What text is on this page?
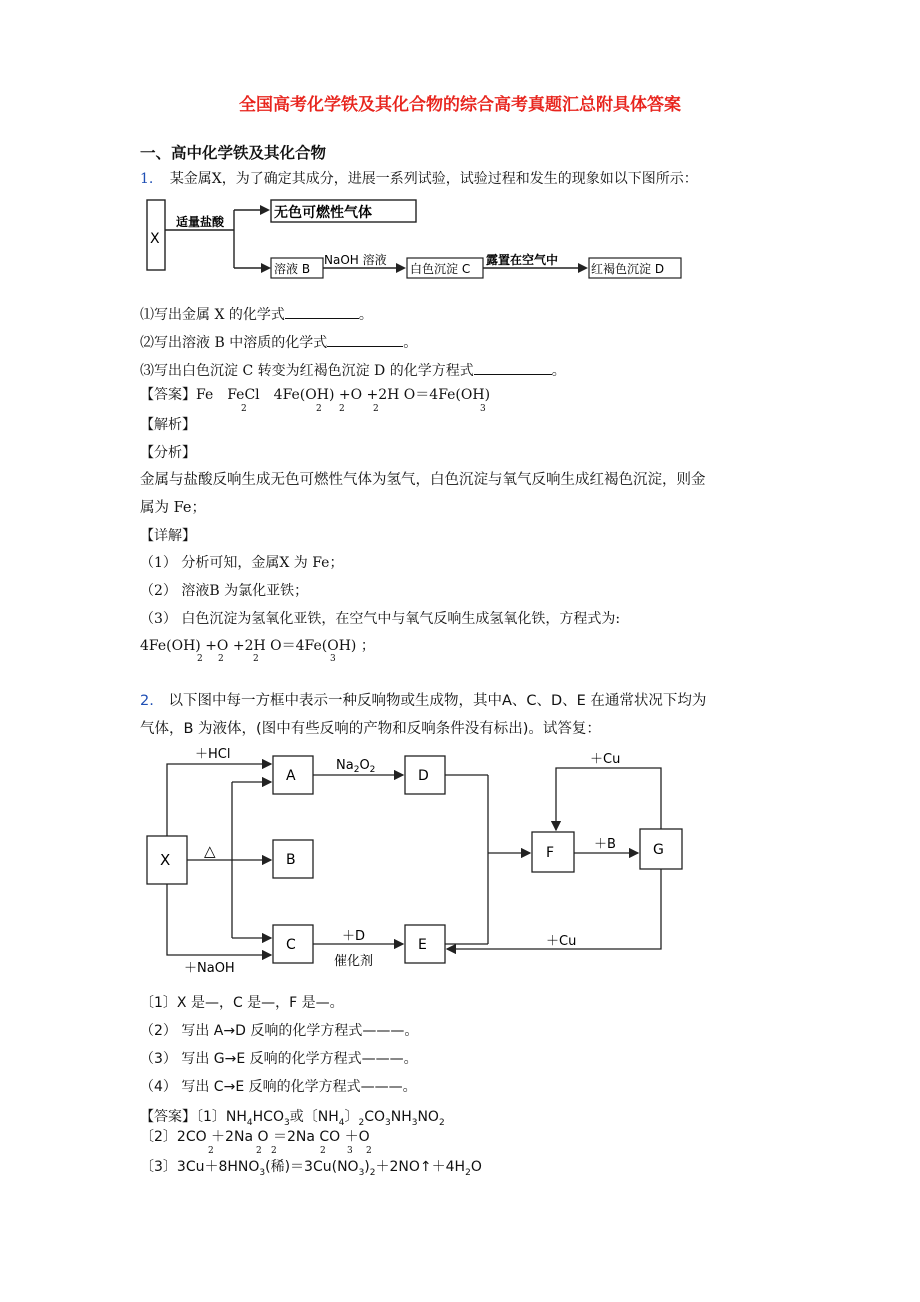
全国高考化学铁及其化合物的综合高考真题汇总附具体答案
一、高中化学铁及其化合物
1. 某金属X，为了确定其成分，进展一系列试验，试验过程和发生的现象如以下图所示：
X
适量盐酸
无色可燃性气体
溶液 B
NaOH 溶液
白色沉淀 C
露置在空气中
红褐色沉淀 D
⑴写出金属 X 的化学式	。
⑵写出溶液 B 中溶质的化学式	。
⑶写出白色沉淀 C 转变为红褐色沉淀 D 的化学方程式	。
【答案】Fe　FeCl　4Fe(OH) +O +2H O＝4Fe(OH)
2	2 2	2	3
【解析】
【分析】
金属与盐酸反响生成无色可燃性气体为氢气，白色沉淀与氧气反响生成红褐色沉淀，则金
属为 Fe；
【详解】
（1） 分析可知，金属X 为 Fe；
（2） 溶液B 为氯化亚铁；
（3） 白色沉淀为氢氧化亚铁，在空气中与氧气反响生成氢氧化铁，方程式为:
4Fe(OH) +O +2H O＝4Fe(OH) ；
2 2	2	3
2. 以下图中每一方框中表示一种反响物或生成物，其中A、C、D、E 在通常状况下均为
气体，B 为液体，(图中有些反响的产物和反响条件没有标出)。试答复：
X
A
B
C
D
E
F	G
＋HCl
△
＋NaOH
$Na_2O_2$
＋D
催化剂
＋B
＋Cu
＋Cu
〔1〕X 是—，C 是—，F 是—。
（2） 写出 A→D 反响的化学方程式———。
（3） 写出 G→E 反响的化学方程式———。
（4） 写出 C→E 反响的化学方程式———。
【答案】〔1〕$NH_4HCO_3$或〔$NH_4$〕$_2CO_3NH_3NO_2$
〔2〕2CO ＋2Na O ＝2Na CO ＋O
2	2 2	2 3 2
〔3〕$3Cu+8HNO_3$(稀)$=3Cu(NO_3)_2+2NO↑+4H_2O$
